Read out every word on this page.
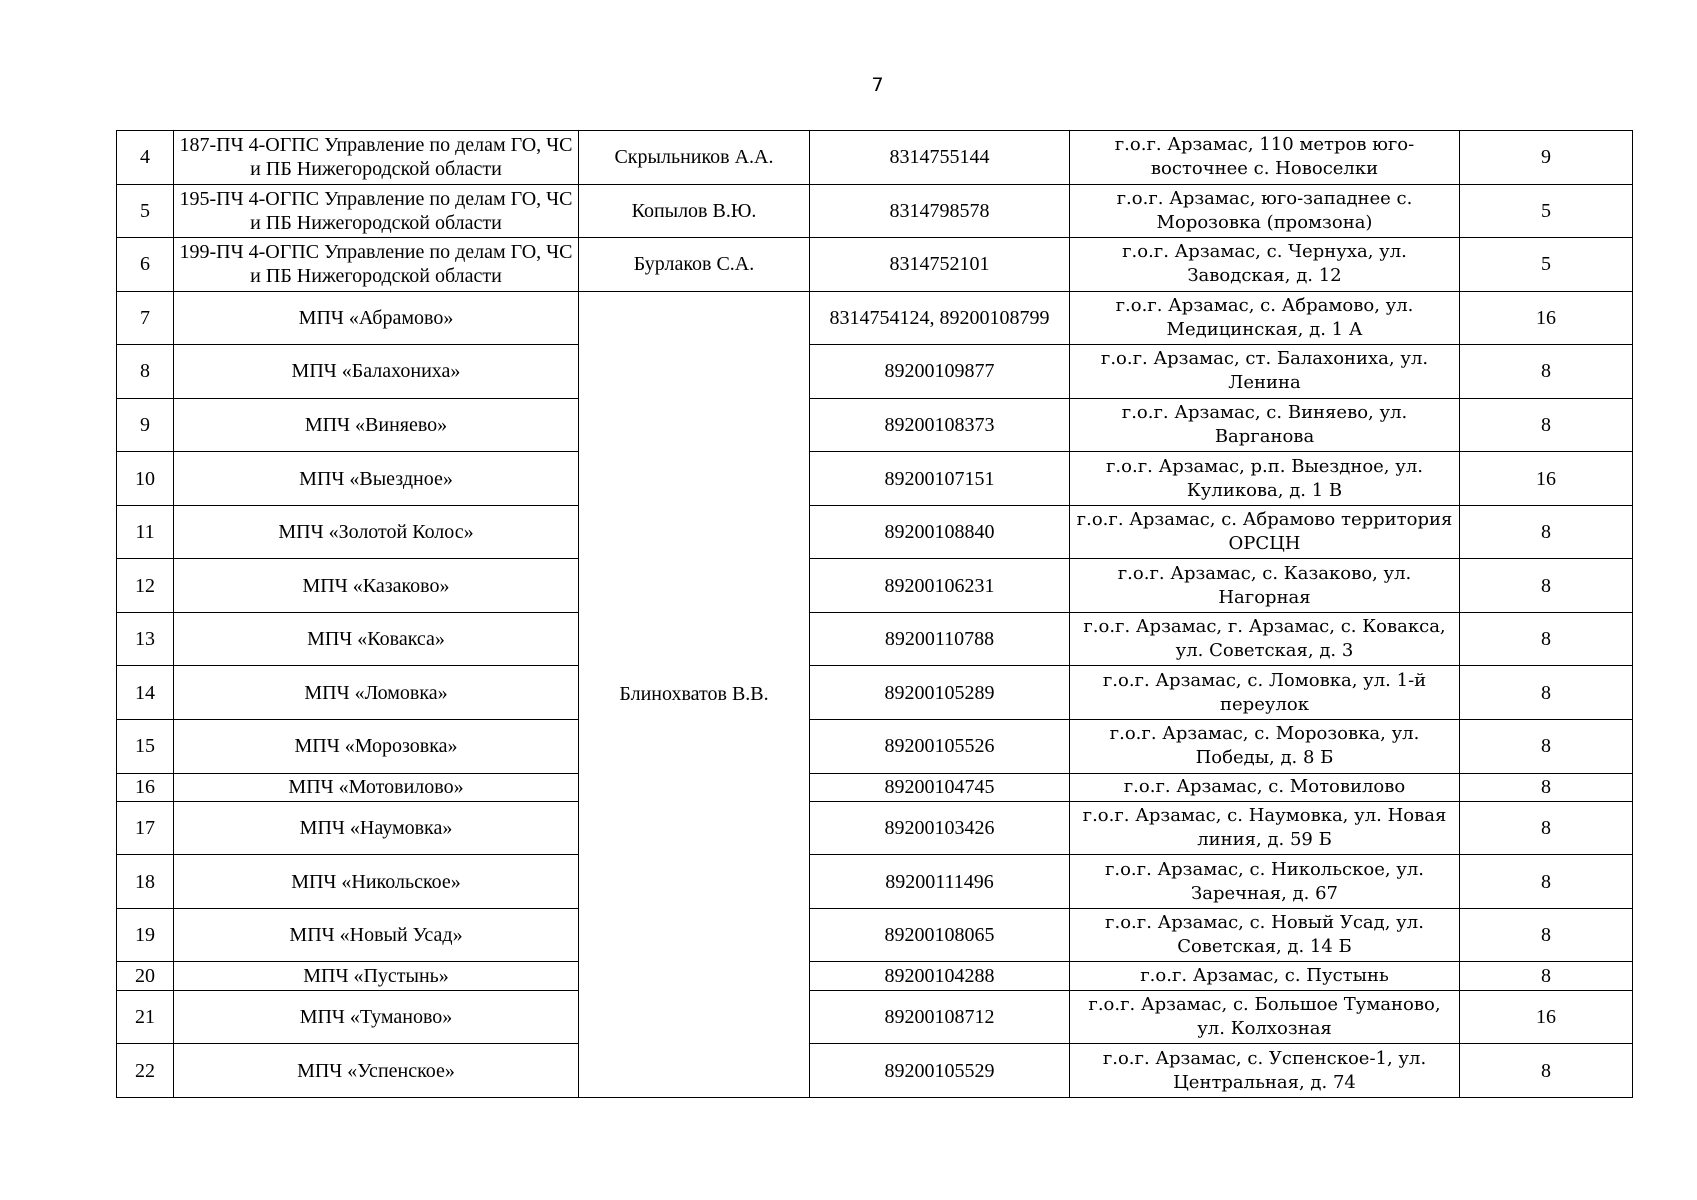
7
4	187-ПЧ 4-ОГПС Управление по делам ГО, ЧС и ПБ Нижегородской области	Скрыльников А.А.	8314755144	г.о.г. Арзамас, 110 метров юго-восточнее с. Новоселки	9
5	195-ПЧ 4-ОГПС Управление по делам ГО, ЧС и ПБ Нижегородской области	Копылов В.Ю.	8314798578	г.о.г. Арзамас, юго-западнее с. Морозовка (промзона)	5
6	199-ПЧ 4-ОГПС Управление по делам ГО, ЧС и ПБ Нижегородской области	Бурлаков С.А.	8314752101	г.о.г. Арзамас, с. Чернуха, ул. Заводская, д. 12	5
7	МПЧ «Абрамово»	Блинохватов В.В.	8314754124, 89200108799	г.о.г. Арзамас, с. Абрамово, ул. Медицинская, д. 1 А	16
8	МПЧ «Балахониха»		89200109877	г.о.г. Арзамас, ст. Балахониха, ул. Ленина	8
9	МПЧ «Виняево»		89200108373	г.о.г. Арзамас, с. Виняево, ул. Варганова	8
10	МПЧ «Выездное»		89200107151	г.о.г. Арзамас, р.п. Выездное, ул. Куликова, д. 1 В	16
11	МПЧ «Золотой Колос»		89200108840	г.о.г. Арзамас, с. Абрамово территория ОРСЦН	8
12	МПЧ «Казаково»		89200106231	г.о.г. Арзамас, с. Казаково, ул. Нагорная	8
13	МПЧ «Ковакса»		89200110788	г.о.г. Арзамас, г. Арзамас, с. Ковакса, ул. Советская, д. 3	8
14	МПЧ «Ломовка»		89200105289	г.о.г. Арзамас, с. Ломовка, ул. 1-й переулок	8
15	МПЧ «Морозовка»		89200105526	г.о.г. Арзамас, с. Морозовка, ул. Победы, д. 8 Б	8
16	МПЧ «Мотовилово»		89200104745	г.о.г. Арзамас, с. Мотовилово	8
17	МПЧ «Наумовка»		89200103426	г.о.г. Арзамас, с. Наумовка, ул. Новая линия, д. 59 Б	8
18	МПЧ «Никольское»		89200111496	г.о.г. Арзамас, с. Никольское, ул. Заречная, д. 67	8
19	МПЧ «Новый Усад»		89200108065	г.о.г. Арзамас, с. Новый Усад, ул. Советская, д. 14 Б	8
20	МПЧ «Пустынь»		89200104288	г.о.г. Арзамас, с. Пустынь	8
21	МПЧ «Туманово»		89200108712	г.о.г. Арзамас, с. Большое Туманово, ул. Колхозная	16
22	МПЧ «Успенское»		89200105529	г.о.г. Арзамас, с. Успенское-1, ул. Центральная, д. 74	8
